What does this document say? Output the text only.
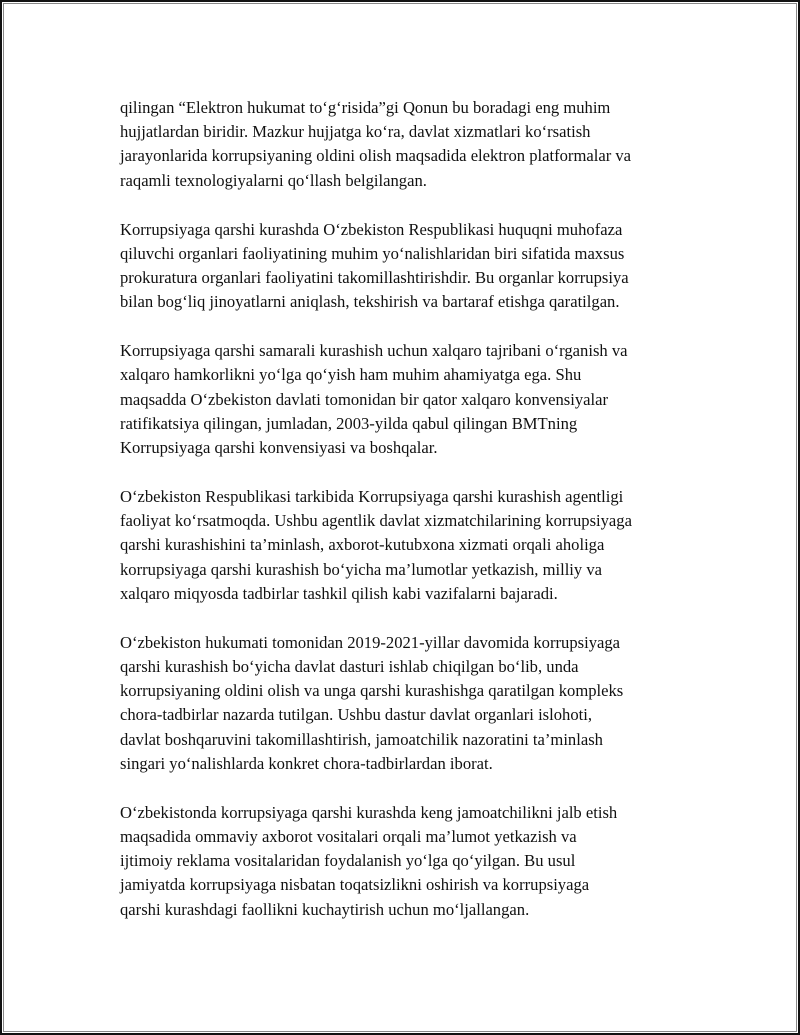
qilingan “Elektron hukumat to‘g‘risida”gi Qonun bu boradagi eng muhim
hujjatlardan biridir. Mazkur hujjatga ko‘ra, davlat xizmatlari ko‘rsatish
jarayonlarida korrupsiyaning oldini olish maqsadida elektron platformalar va
raqamli texnologiyalarni qo‘llash belgilangan.

Korrupsiyaga qarshi kurashda O‘zbekiston Respublikasi huquqni muhofaza
qiluvchi organlari faoliyatining muhim yo‘nalishlaridan biri sifatida maxsus
prokuratura organlari faoliyatini takomillashtirishdir. Bu organlar korrupsiya
bilan bog‘liq jinoyatlarni aniqlash, tekshirish va bartaraf etishga qaratilgan.

Korrupsiyaga qarshi samarali kurashish uchun xalqaro tajribani o‘rganish va
xalqaro hamkorlikni yo‘lga qo‘yish ham muhim ahamiyatga ega. Shu
maqsadda O‘zbekiston davlati tomonidan bir qator xalqaro konvensiyalar
ratifikatsiya qilingan, jumladan, 2003-yilda qabul qilingan BMTning
Korrupsiyaga qarshi konvensiyasi va boshqalar.

O‘zbekiston Respublikasi tarkibida Korrupsiyaga qarshi kurashish agentligi
faoliyat ko‘rsatmoqda. Ushbu agentlik davlat xizmatchilarining korrupsiyaga
qarshi kurashishini ta’minlash, axborot-kutubxona xizmati orqali aholiga
korrupsiyaga qarshi kurashish bo‘yicha ma’lumotlar yetkazish, milliy va
xalqaro miqyosda tadbirlar tashkil qilish kabi vazifalarni bajaradi.

O‘zbekiston hukumati tomonidan 2019-2021-yillar davomida korrupsiyaga
qarshi kurashish bo‘yicha davlat dasturi ishlab chiqilgan bo‘lib, unda
korrupsiyaning oldini olish va unga qarshi kurashishga qaratilgan kompleks
chora-tadbirlar nazarda tutilgan. Ushbu dastur davlat organlari islohoti,
davlat boshqaruvini takomillashtirish, jamoatchilik nazoratini ta’minlash
singari yo‘nalishlarda konkret chora-tadbirlardan iborat.

O‘zbekistonda korrupsiyaga qarshi kurashda keng jamoatchilikni jalb etish
maqsadida ommaviy axborot vositalari orqali ma’lumot yetkazish va
ijtimoiy reklama vositalaridan foydalanish yo‘lga qo‘yilgan. Bu usul
jamiyatda korrupsiyaga nisbatan toqatsizlikni oshirish va korrupsiyaga
qarshi kurashdagi faollikni kuchaytirish uchun mo‘ljallangan.
